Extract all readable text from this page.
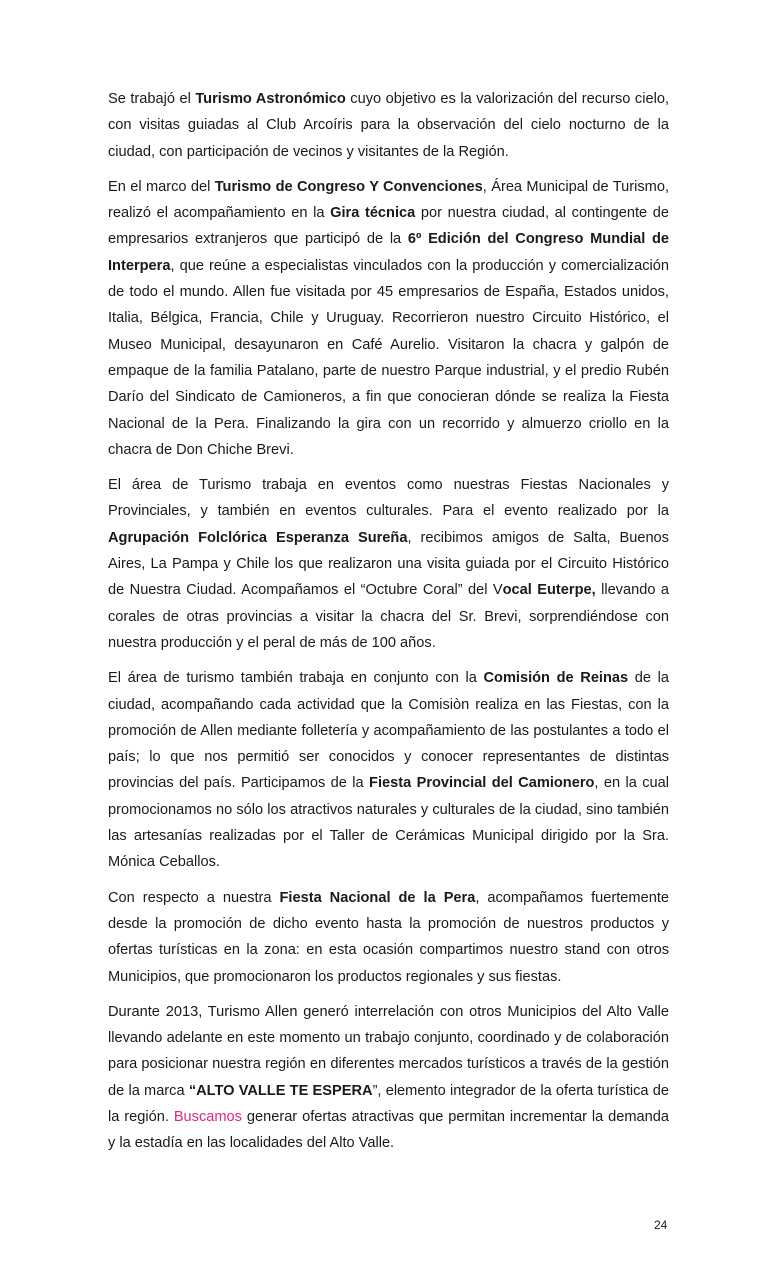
Se trabajó el Turismo Astronómico cuyo objetivo es la valorización del recurso cielo, con visitas guiadas al Club Arcoíris para la observación del cielo nocturno de la ciudad, con participación de vecinos y visitantes de la Región.

En el marco del Turismo de Congreso Y Convenciones, Área Municipal de Turismo, realizó el acompañamiento en la Gira técnica por nuestra ciudad, al contingente de empresarios extranjeros que participó de la 6º Edición del Congreso Mundial de Interpera, que reúne a especialistas vinculados con la producción y comercialización de todo el mundo. Allen fue visitada por 45 empresarios de España, Estados unidos, Italia, Bélgica, Francia, Chile y Uruguay. Recorrieron nuestro Circuito Histórico, el Museo Municipal, desayunaron en Café Aurelio. Visitaron la chacra y galpón de empaque de la familia Patalano, parte de nuestro Parque industrial, y el predio Rubén Darío del Sindicato de Camioneros, a fin que conocieran dónde se realiza la Fiesta Nacional de la Pera. Finalizando la gira con un recorrido y almuerzo criollo en la chacra de Don Chiche Brevi.

El área de Turismo trabaja en eventos como nuestras Fiestas Nacionales y Provinciales, y también en eventos culturales. Para el evento realizado por la Agrupación Folclórica Esperanza Sureña, recibimos amigos de Salta, Buenos Aires, La Pampa y Chile los que realizaron una visita guiada por el Circuito Histórico de Nuestra Ciudad. Acompañamos el “Octubre Coral” del Vocal Euterpe, llevando a corales de otras provincias a visitar la chacra del Sr. Brevi, sorprendiéndose con nuestra producción y el peral de más de 100 años.

El área de turismo también trabaja en conjunto con la Comisión de Reinas de la ciudad, acompañando cada actividad que la Comisiòn realiza en las Fiestas, con la promoción de Allen mediante folletería y acompañamiento de las postulantes a todo el país; lo que nos permitió ser conocidos y conocer representantes de distintas provincias del país. Participamos de la Fiesta Provincial del Camionero, en la cual promocionamos no sólo los atractivos naturales y culturales de la ciudad, sino también las artesanías realizadas por el Taller de Cerámicas Municipal dirigido por la Sra. Mónica Ceballos.

Con respecto a nuestra Fiesta Nacional de la Pera, acompañamos fuertemente desde la promoción de dicho evento hasta la promoción de nuestros productos y ofertas turísticas en la zona: en esta ocasión compartimos nuestro stand con otros Municipios, que promocionaron los productos regionales y sus fiestas.

Durante 2013, Turismo Allen generó interrelación con otros Municipios del Alto Valle llevando adelante en este momento un trabajo conjunto, coordinado y de colaboración para posicionar nuestra región en diferentes mercados turísticos a través de la gestión de la marca “ALTO VALLE TE ESPERA”, elemento integrador de la oferta turística de la región. Buscamos generar ofertas atractivas que permitan incrementar la demanda y la estadía en las localidades del Alto Valle.

24
